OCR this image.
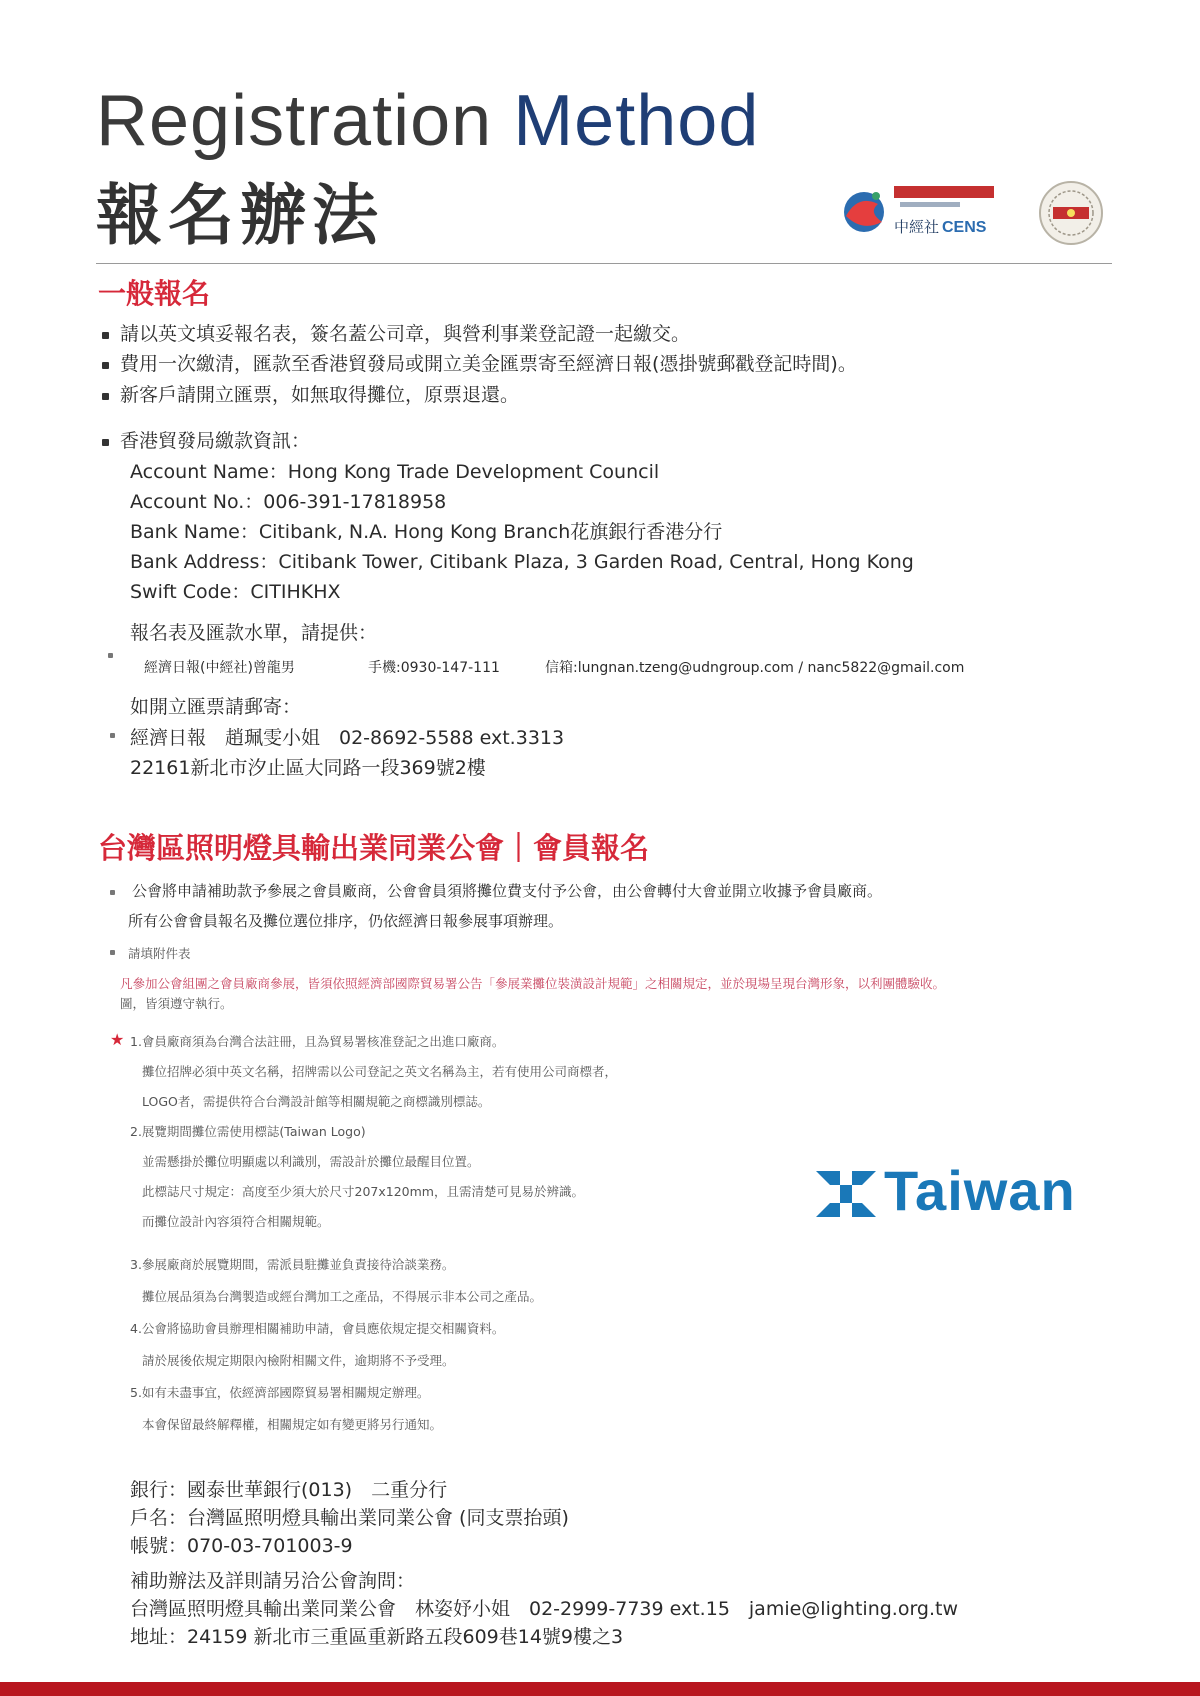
Registration Method
報名辦法	中經社 CENS
一般報名
請以英文填妥報名表，簽名蓋公司章，與營利事業登記證一起繳交。
費用一次繳清，匯款至香港貿發局或開立美金匯票寄至經濟日報(憑掛號郵戳登記時間)。
新客戶請開立匯票，如無取得攤位，原票退還。
香港貿發局繳款資訊：
Account Name：Hong Kong Trade Development Council
Account No.：006-391-17818958
Bank Name：Citibank, N.A. Hong Kong Branch花旗銀行香港分行
Bank Address：Citibank Tower, Citibank Plaza, 3 Garden Road, Central, Hong Kong
Swift Code：CITIHKHX
報名表及匯款水單，請提供：
經濟日報(中經社)曾龍男	手機:0930-147-111	信箱:lungnan.tzeng@udngroup.com / nanc5822@gmail.com
如開立匯票請郵寄：
經濟日報　趙珮雯小姐　02-8692-5588 ext.3313
22161新北市汐止區大同路一段369號2樓
台灣區照明燈具輸出業同業公會｜會員報名
公會將申請補助款予參展之會員廠商，公會會員須將攤位費支付予公會，由公會轉付大會並開立收據予會員廠商。
所有公會會員報名及攤位選位排序，仍依經濟日報參展事項辦理。
請填附件表
凡參加公會組團之會員廠商參展，皆須依照經濟部國際貿易署公告「參展業攤位裝潢設計規範」之相關規定，並於現場呈現台灣形象，以利團體驗收。
圖，皆須遵守執行。
★ 1.會員廠商須為台灣合法註冊，且為貿易署核准登記之出進口廠商。
攤位招牌必須中英文名稱，招牌需以公司登記之英文名稱為主，若有使用公司商標者，
LOGO者，需提供符合台灣設計館等相關規範之商標識別標誌。
2.展覽期間攤位需使用標誌(Taiwan Logo)
並需懸掛於攤位明顯處以利識別，需設計於攤位最醒目位置。
此標誌尺寸規定：高度至少須大於尺寸207x120mm，且需清楚可見易於辨識。
而攤位設計內容須符合相關規範。
3.參展廠商於展覽期間，需派員駐攤並負責接待洽談業務。
攤位展品須為台灣製造或經台灣加工之產品，不得展示非本公司之產品。
4.公會將協助會員辦理相關補助申請，會員應依規定提交相關資料。
請於展後依規定期限內檢附相關文件，逾期將不予受理。
5.如有未盡事宜，依經濟部國際貿易署相關規定辦理。
本會保留最終解釋權，相關規定如有變更將另行通知。
Taiwan
銀行：國泰世華銀行(013)　二重分行
戶名：台灣區照明燈具輸出業同業公會 (同支票抬頭)
帳號：070-03-701003-9
補助辦法及詳則請另洽公會詢問：
台灣區照明燈具輸出業同業公會　林姿妤小姐　02-2999-7739 ext.15　jamie@lighting.org.tw
地址：24159 新北市三重區重新路五段609巷14號9樓之3
